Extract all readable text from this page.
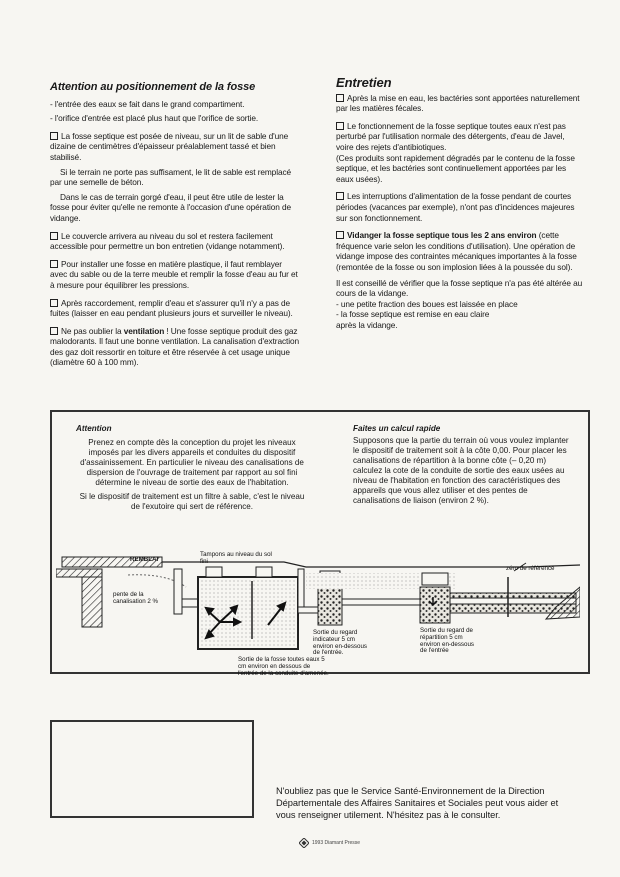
Attention au positionnement de la fosse

- l'entrée des eaux se fait dans le grand compartiment.

- l'orifice d'entrée est placé plus haut que l'orifice de sortie.

La fosse septique est posée de niveau, sur un lit de sable d'une dizaine de centimètres d'épaisseur préalablement tassé et bien stabilisé.

Si le terrain ne porte pas suffisament, le lit de sable est remplacé par une semelle de béton.

Dans le cas de terrain gorgé d'eau, il peut être utile de lester la fosse pour éviter qu'elle ne remonte à l'occasion d'une opération de vidange.

Le couvercle arrivera au niveau du sol et restera facilement accessible pour permettre un bon entretien (vidange notamment).

Pour installer une fosse en matière plastique, il faut remblayer avec du sable ou de la terre meuble et remplir la fosse d'eau au fur et à mesure pour équilibrer les pressions.

Après raccordement, remplir d'eau et s'assurer qu'il n'y a pas de fuites (laisser en eau pendant plusieurs jours et surveiller le niveau).

Ne pas oublier la ventilation ! Une fosse septique produit des gaz malodorants. Il faut une bonne ventilation. La canalisation d'extraction des gaz doit ressortir en toiture et être réservée à cet usage unique (diamètre 60 à 100 mm).

Entretien

Après la mise en eau, les bactéries sont apportées naturellement par les matières fécales.

Le fonctionnement de la fosse septique toutes eaux n'est pas perturbé par l'utilisation normale des détergents, d'eau de Javel, voire des rejets d'antibiotiques.

(Ces produits sont rapidement dégradés par le contenu de la fosse septique, et les bactéries sont continuellement apportées par les eaux usées).

Les interruptions d'alimentation de la fosse pendant de courtes périodes (vacances par exemple), n'ont pas d'incidences majeures sur son fonctionnement.

Vidanger la fosse septique tous les 2 ans environ (cette fréquence varie selon les conditions d'utilisation). Une opération de vidange impose des contraintes mécaniques importantes à la fosse (remontée de la fosse ou son implosion liées à la poussée du sol).

Il est conseillé de vérifier que la fosse septique n'a pas été altérée au cours de la vidange.

- une petite fraction des boues est laissée en place

- la fosse septique est remise en eau claire après la vidange.

Attention

Prenez en compte dès la conception du projet les niveaux imposés par les divers appareils et conduites du dispositif d'assainissement. En particulier le niveau des canalisations de dispersion de l'ouvrage de traitement par rapport au sol fini détermine le niveau de sortie des eaux de l'habitation.

Si le dispositif de traitement est un filtre à sable, c'est le niveau de l'exutoire qui sert de référence.

Faites un calcul rapide

Supposons que la partie du terrain où vous voulez implanter le dispositif de traitement soit à la côte 0,00. Pour placer les canalisations de répartition à la bonne côte (– 0,20 m) calculez la cote de la conduite de sortie des eaux usées au niveau de l'habitation en fonction des caractéristiques des appareils que vous allez utiliser et des pentes de canalisations de liaison (environ 2 %).

REMBLAI
Tampons au niveau du sol fini
zéro de référence
pente de la canalisation 2 %
Sortie du regard indicateur 5 cm environ en-dessous de l'entrée.
Sortie du regard de répartition 5 cm environ en-dessous de l'entrée
Sortie de la fosse toutes eaux 5 cm environ en dessous de l'entrée de la conduite d'amenée.
N'oubliez pas que le Service Santé-Environnement de la Direction Départementale des Affaires Sanitaires et Sociales peut vous aider et vous renseigner utilement. N'hésitez pas à le consulter.
1993 Diamant Presse
